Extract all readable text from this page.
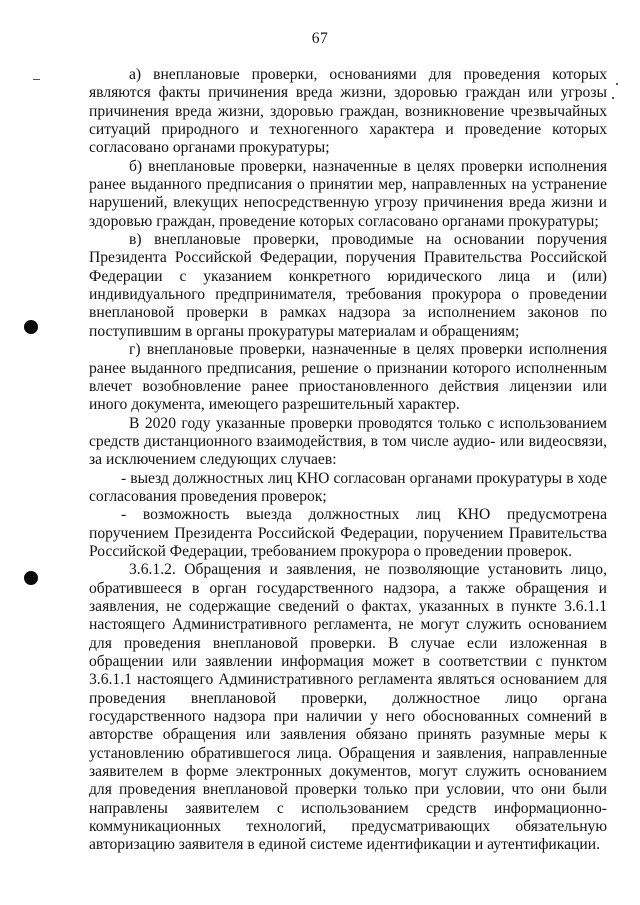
67

а) внеплановые проверки, основаниями для проведения которых являются факты причинения вреда жизни, здоровью граждан или угрозы причинения вреда жизни, здоровью граждан, возникновение чрезвычайных ситуаций природного и техногенного характера и проведение которых согласовано органами прокуратуры;

б) внеплановые проверки, назначенные в целях проверки исполнения ранее выданного предписания о принятии мер, направленных на устранение нарушений, влекущих непосредственную угрозу причинения вреда жизни и здоровью граждан, проведение которых согласовано органами прокуратуры;

в) внеплановые проверки, проводимые на основании поручения Президента Российской Федерации, поручения Правительства Российской Федерации с указанием конкретного юридического лица и (или) индивидуального предпринимателя, требования прокурора о проведении внеплановой проверки в рамках надзора за исполнением законов по поступившим в органы прокуратуры материалам и обращениям;

г) внеплановые проверки, назначенные в целях проверки исполнения ранее выданного предписания, решение о признании которого исполненным влечет возобновление ранее приостановленного действия лицензии или иного документа, имеющего разрешительный характер.

В 2020 году указанные проверки проводятся только с использованием средств дистанционного взаимодействия, в том числе аудио- или видеосвязи, за исключением следующих случаев:

- выезд должностных лиц КНО согласован органами прокуратуры в ходе согласования проведения проверок;

- возможность выезда должностных лиц КНО предусмотрена поручением Президента Российской Федерации, поручением Правительства Российской Федерации, требованием прокурора о проведении проверок.

3.6.1.2. Обращения и заявления, не позволяющие установить лицо, обратившееся в орган государственного надзора, а также обращения и заявления, не содержащие сведений о фактах, указанных в пункте 3.6.1.1 настоящего Административного регламента, не могут служить основанием для проведения внеплановой проверки. В случае если изложенная в обращении или заявлении информация может в соответствии с пунктом 3.6.1.1 настоящего Административного регламента являться основанием для проведения внеплановой проверки, должностное лицо органа государственного надзора при наличии у него обоснованных сомнений в авторстве обращения или заявления обязано принять разумные меры к установлению обратившегося лица. Обращения и заявления, направленные заявителем в форме электронных документов, могут служить основанием для проведения внеплановой проверки только при условии, что они были направлены заявителем с использованием средств информационно-коммуникационных технологий, предусматривающих обязательную авторизацию заявителя в единой системе идентификации и аутентификации.
